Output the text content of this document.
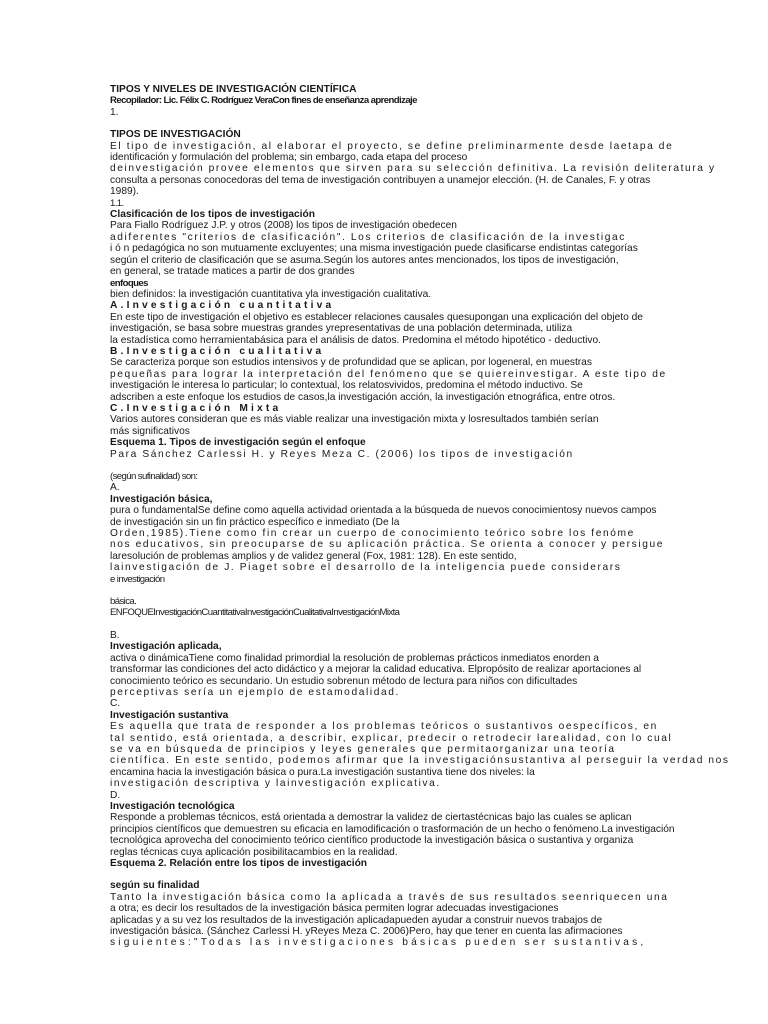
TIPOS Y NIVELES DE INVESTIGACIÓN CIENTÍFICA
Recopilador: Lic. Félix C. Rodríguez VeraCon fines de enseñanza aprendizaje
1.
TIPOS DE INVESTIGACIÓN
El tipo de investigación, al elaborar el proyecto, se define preliminarmente desde laetapa de
identificación y formulación del problema; sin embargo, cada etapa del proceso
deinvestigación provee elementos que sirven para su selección definitiva. La revisión deliteratura y
consulta a personas conocedoras del tema de investigación contribuyen a unamejor elección. (H. de Canales, F. y otras
1989).
1.1.
Clasificación de los tipos de investigación
Para Fiallo Rodríguez J.P. y otros (2008) los tipos de investigación obedecen
adiferentes "criterios de clasificación". Los criterios de clasificación de la investigac
i ó n pedagógica no son mutuamente excluyentes; una misma investigación puede clasificarse endistintas categorías
según el criterio de clasificación que se asuma.Según los autores antes mencionados, los tipos de investigación,
en general, se tratade matices a partir de dos grandes
enfoques
bien definidos: la investigación cuantitativa yla investigación cualitativa.
A.Investigación cuantitativa
En este tipo de investigación el objetivo es establecer relaciones causales quesupongan una explicación del objeto de
investigación, se basa sobre muestras grandes yrepresentativas de una población determinada, utiliza
la estadística como herramientabásica para el análisis de datos. Predomina el método hipotético - deductivo.
B.Investigación cualitativa
Se caracteriza porque son estudios intensivos y de profundidad que se aplican, por logeneral, en muestras
pequeñas para lograr la interpretación del fenómeno que se quiereinvestigar. A este tipo de
investigación le interesa lo particular; lo contextual, los relatosvividos, predomina el método inductivo. Se
adscriben a este enfoque los estudios de casos,la investigación acción, la investigación etnográfica, entre otros.
C.Investigación Mixta
Varios autores consideran que es más viable realizar una investigación mixta y losresultados también serían
más significativos
Esquema 1. Tipos de investigación según el enfoque
Para Sánchez Carlessi H. y Reyes Meza C. (2006) los tipos de investigación
(según sufinalidad) son:
A.
Investigación básica,
pura o fundamentalSe define como aquella actividad orientada a la búsqueda de nuevos conocimientosy nuevos campos
de investigación sin un fin práctico específico e inmediato (De la
Orden,1985).Tiene como fin crear un cuerpo de conocimiento teórico sobre los fenóme
nos educativos, sin preocuparse de su aplicación práctica. Se orienta a conocer y persigue
laresolución de problemas amplios y de validez general (Fox, 1981: 128). En este sentido,
lainvestigación de J. Piaget sobre el desarrollo de la inteligencia puede considerars
e investigación
básica.
ENFOQUEInvestigaciónCuantitativaInvestigaciónCualitativaInvestigaciónMixta
B.
Investigación aplicada,
activa o dinámicaTiene como finalidad primordial la resolución de problemas prácticos inmediatos enorden a
transformar las condiciones del acto didáctico y a mejorar la calidad educativa. Elpropósito de realizar aportaciones al
conocimiento teórico es secundario. Un estudio sobrenun método de lectura para niños con dificultades
perceptivas sería un ejemplo de estamodalidad.
C.
Investigación sustantiva
Es aquella que trata de responder a los problemas teóricos o sustantivos oespecíficos, en
tal sentido, está orientada, a describir, explicar, predecir o retrodecir larealidad, con lo cual
se va en búsqueda de principios y leyes generales que permitaorganizar una teoría
científica. En este sentido, podemos afirmar que la investigaciónsustantiva al perseguir la verdad nos
encamina hacia la investigación básica o pura.La investigación sustantiva tiene dos niveles: la
investigación descriptiva y lainvestigación explicativa.
D.
Investigación tecnológica
Responde a problemas técnicos, está orientada a demostrar la validez de ciertastécnicas bajo las cuales se aplican
principios científicos que demuestren su eficacia en lamodificación o trasformación de un hecho o fenómeno.La investigación
tecnológica aprovecha del conocimiento teórico científico productode la investigación básica o sustantiva y organiza
reglas técnicas cuya aplicación posibilitacambios en la realidad.
Esquema 2. Relación entre los tipos de investigación
según su finalidad
Tanto la investigación básica como la aplicada a través de sus resultados seenriquecen una
a otra; es decir los resultados de la investigación básica permiten lograr adecuadas investigaciones
aplicadas y a su vez los resultados de la investigación aplicadapueden ayudar a construir nuevos trabajos de
investigación básica. (Sánchez Carlessi H. yReyes Meza C. 2006)Pero, hay que tener en cuenta las afirmaciones
siguientes:"Todas las investigaciones básicas pueden ser sustantivas,
